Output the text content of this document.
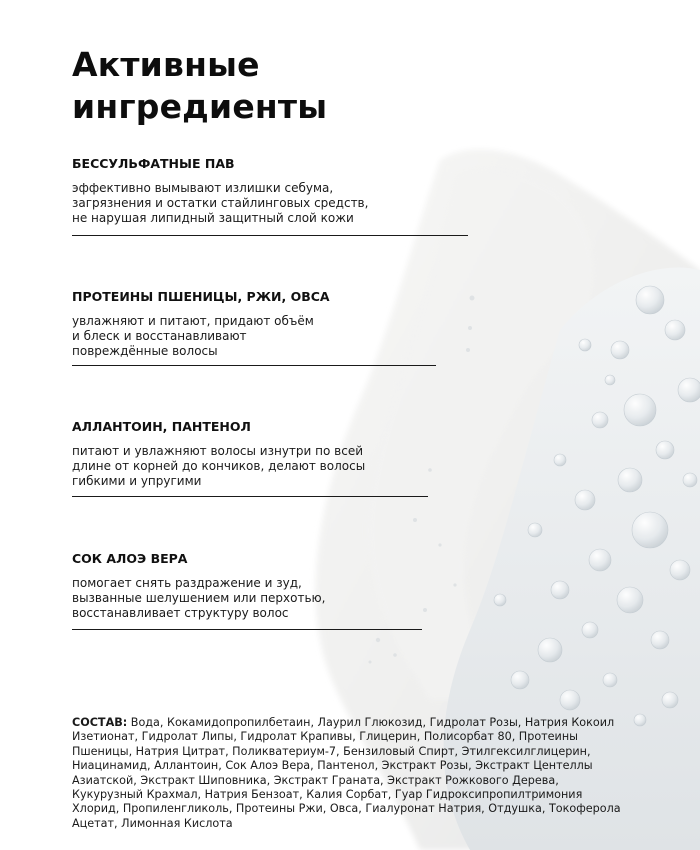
Активные
ингредиенты
БЕССУЛЬФАТНЫЕ ПАВ

эффективно вымывают излишки себума,
загрязнения и остатки стайлинговых средств,
не нарушая липидный защитный слой кожи

ПРОТЕИНЫ ПШЕНИЦЫ, РЖИ, ОВСА

увлажняют и питают, придают объём
и блеск и восстанавливают
повреждённые волосы

АЛЛАНТОИН, ПАНТЕНОЛ

питают и увлажняют волосы изнутри по всей
длине от корней до кончиков, делают волосы
гибкими и упругими

СОК АЛОЭ ВЕРА

помогает снять раздражение и зуд,
вызванные шелушением или перхотью,
восстанавливает структуру волос

СОСТАВ: Вода, Кокамидопропилбетаин, Лаурил Глюкозид, Гидролат Розы, Натрия Кокоил Изетионат, Гидролат Липы, Гидролат Крапивы, Глицерин, Полисорбат 80, Протеины Пшеницы, Натрия Цитрат, Поликватериум-7, Бензиловый Спирт, Этилгексилглицерин, Ниацинамид, Аллантоин, Сок Алоэ Вера, Пантенол, Экстракт Розы, Экстракт Центеллы Азиатской, Экстракт Шиповника, Экстракт Граната, Экстракт Рожкового Дерева, Кукурузный Крахмал, Натрия Бензоат, Калия Сорбат, Гуар Гидроксипропилтримония Хлорид, Пропиленгликоль, Протеины Ржи, Овса, Гиалуронат Натрия, Отдушка, Токоферола Ацетат, Лимонная Кислота
